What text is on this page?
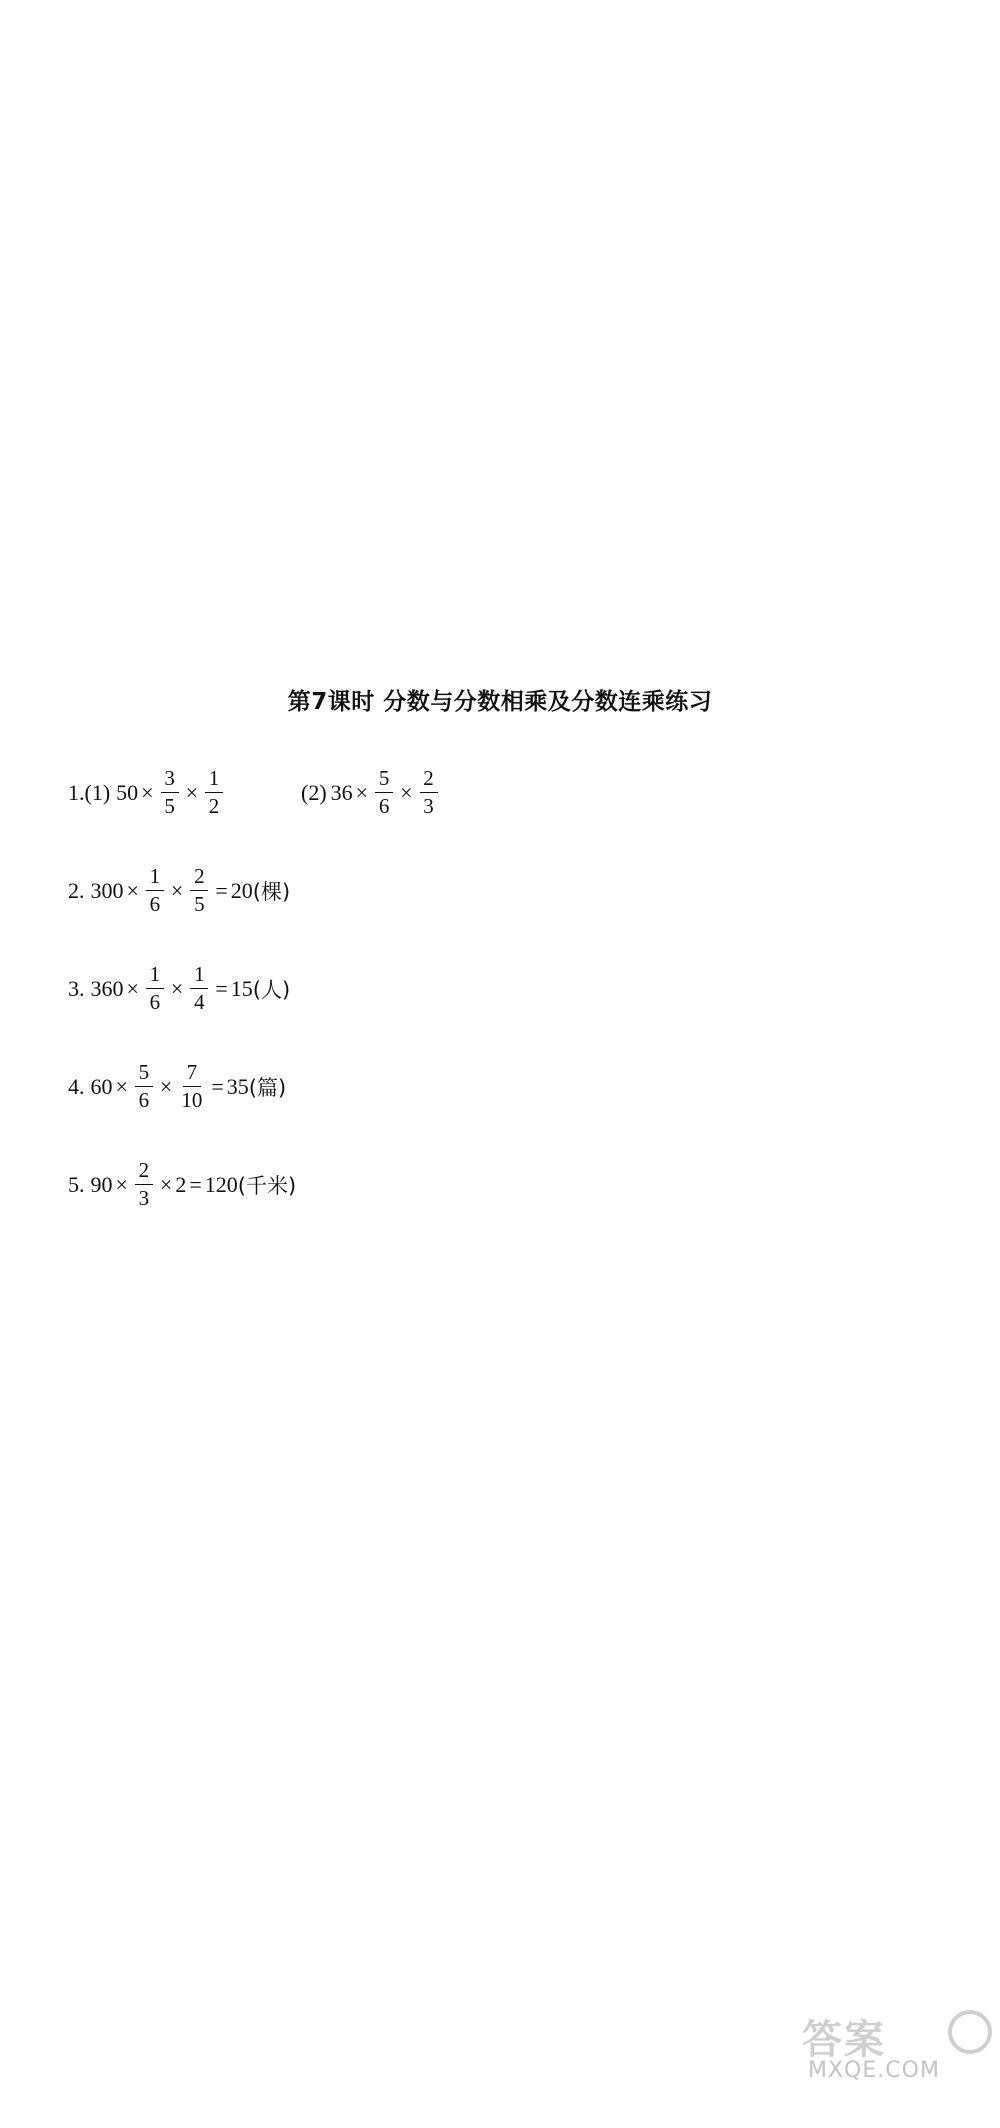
第7课时 分数与分数相乘及分数连乘练习
1.(1) $50 \times \frac{3}{5} \times \frac{1}{2}$	(2) $36 \times \frac{5}{6} \times \frac{2}{3}$
2. $300 \times \frac{1}{6} \times \frac{2}{5} = 20$ (棵)
3. $360 \times \frac{1}{6} \times \frac{1}{4} = 15$ (人)
4. $60 \times \frac{5}{6} \times \frac{7}{10} = 35$ (篇)
5. $90 \times \frac{2}{3} \times 2 = 120$ (千米)
答案
MXQE.COM
